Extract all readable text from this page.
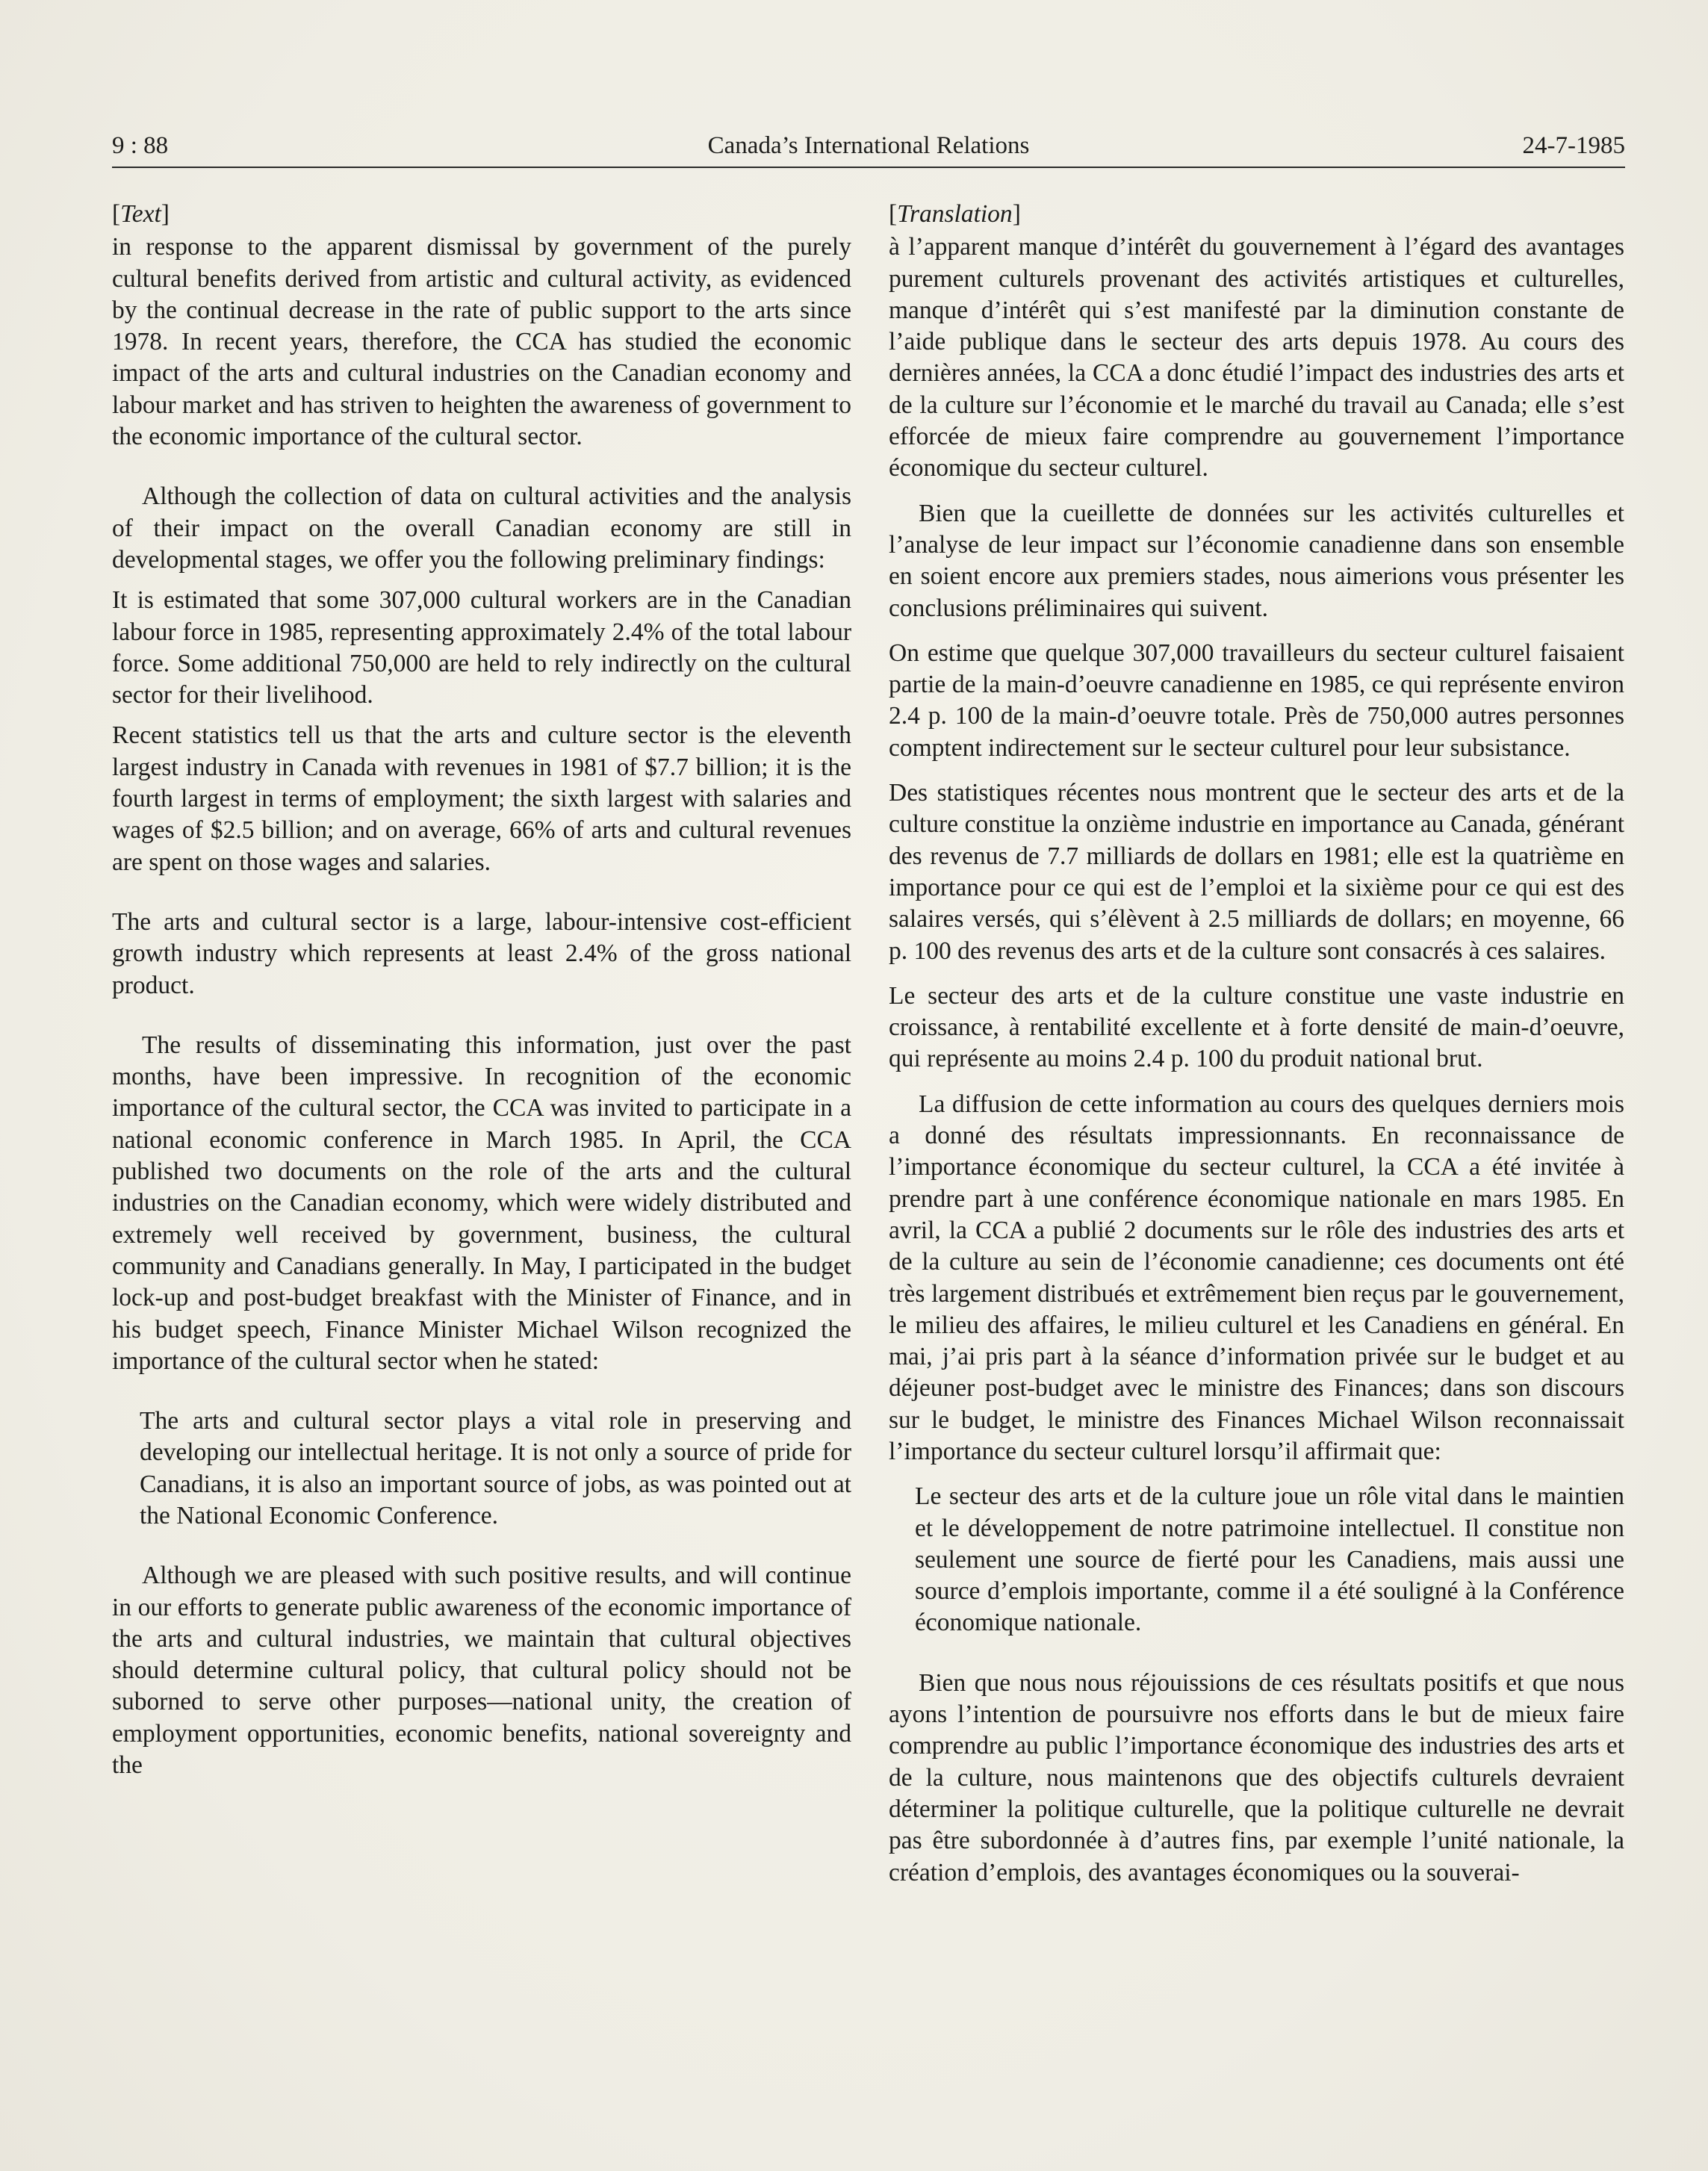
9 : 88	Canada’s International Relations	24-7-1985

[Text]

in response to the apparent dismissal by government of the purely cultural benefits derived from artistic and cultural activity, as evidenced by the continual decrease in the rate of public support to the arts since 1978. In recent years, therefore, the CCA has studied the economic impact of the arts and cultural industries on the Canadian economy and labour market and has striven to heighten the awareness of government to the economic importance of the cultural sector.

Although the collection of data on cultural activities and the analysis of their impact on the overall Canadian economy are still in developmental stages, we offer you the following preliminary findings:

It is estimated that some 307,000 cultural workers are in the Canadian labour force in 1985, representing approximately 2.4% of the total labour force. Some additional 750,000 are held to rely indirectly on the cultural sector for their livelihood.

Recent statistics tell us that the arts and culture sector is the eleventh largest industry in Canada with revenues in 1981 of $7.7 billion; it is the fourth largest in terms of employment; the sixth largest with salaries and wages of $2.5 billion; and on average, 66% of arts and cultural revenues are spent on those wages and salaries.

The arts and cultural sector is a large, labour-intensive cost-efficient growth industry which represents at least 2.4% of the gross national product.

The results of disseminating this information, just over the past months, have been impressive. In recognition of the economic importance of the cultural sector, the CCA was invited to participate in a national economic conference in March 1985. In April, the CCA published two documents on the role of the arts and the cultural industries on the Canadian economy, which were widely distributed and extremely well received by government, business, the cultural community and Canadians generally. In May, I participated in the budget lock-up and post-budget breakfast with the Minister of Finance, and in his budget speech, Finance Minister Michael Wilson recognized the importance of the cultural sector when he stated:

The arts and cultural sector plays a vital role in preserving and developing our intellectual heritage. It is not only a source of pride for Canadians, it is also an important source of jobs, as was pointed out at the National Economic Conference.

Although we are pleased with such positive results, and will continue in our efforts to generate public awareness of the economic importance of the arts and cultural industries, we maintain that cultural objectives should determine cultural policy, that cultural policy should not be suborned to serve other purposes—national unity, the creation of employment opportunities, economic benefits, national sovereignty and the

[Translation]

à l’apparent manque d’intérêt du gouvernement à l’égard des avantages purement culturels provenant des activités artistiques et culturelles, manque d’intérêt qui s’est manifesté par la diminution constante de l’aide publique dans le secteur des arts depuis 1978. Au cours des dernières années, la CCA a donc étudié l’impact des industries des arts et de la culture sur l’économie et le marché du travail au Canada; elle s’est efforcée de mieux faire comprendre au gouvernement l’importance économique du secteur culturel.

Bien que la cueillette de données sur les activités culturelles et l’analyse de leur impact sur l’économie canadienne dans son ensemble en soient encore aux premiers stades, nous aimerions vous présenter les conclusions préliminaires qui suivent.

On estime que quelque 307,000 travailleurs du secteur culturel faisaient partie de la main-d’oeuvre canadienne en 1985, ce qui représente environ 2.4 p. 100 de la main-d’oeuvre totale. Près de 750,000 autres personnes comptent indirectement sur le secteur culturel pour leur subsistance.

Des statistiques récentes nous montrent que le secteur des arts et de la culture constitue la onzième industrie en importance au Canada, générant des revenus de 7.7 milliards de dollars en 1981; elle est la quatrième en importance pour ce qui est de l’emploi et la sixième pour ce qui est des salaires versés, qui s’élèvent à 2.5 milliards de dollars; en moyenne, 66 p. 100 des revenus des arts et de la culture sont consacrés à ces salaires.

Le secteur des arts et de la culture constitue une vaste industrie en croissance, à rentabilité excellente et à forte densité de main-d’oeuvre, qui représente au moins 2.4 p. 100 du produit national brut.

La diffusion de cette information au cours des quelques derniers mois a donné des résultats impressionnants. En reconnaissance de l’importance économique du secteur culturel, la CCA a été invitée à prendre part à une conférence économique nationale en mars 1985. En avril, la CCA a publié 2 documents sur le rôle des industries des arts et de la culture au sein de l’économie canadienne; ces documents ont été très largement distribués et extrêmement bien reçus par le gouvernement, le milieu des affaires, le milieu culturel et les Canadiens en général. En mai, j’ai pris part à la séance d’information privée sur le budget et au déjeuner post-budget avec le ministre des Finances; dans son discours sur le budget, le ministre des Finances Michael Wilson reconnaissait l’importance du secteur culturel lorsqu’il affirmait que:

Le secteur des arts et de la culture joue un rôle vital dans le maintien et le développement de notre patrimoine intellectuel. Il constitue non seulement une source de fierté pour les Canadiens, mais aussi une source d’emplois importante, comme il a été souligné à la Conférence économique nationale.

Bien que nous nous réjouissions de ces résultats positifs et que nous ayons l’intention de poursuivre nos efforts dans le but de mieux faire comprendre au public l’importance économique des industries des arts et de la culture, nous maintenons que des objectifs culturels devraient déterminer la politique culturelle, que la politique culturelle ne devrait pas être subordonnée à d’autres fins, par exemple l’unité nationale, la création d’emplois, des avantages économiques ou la souverai-
